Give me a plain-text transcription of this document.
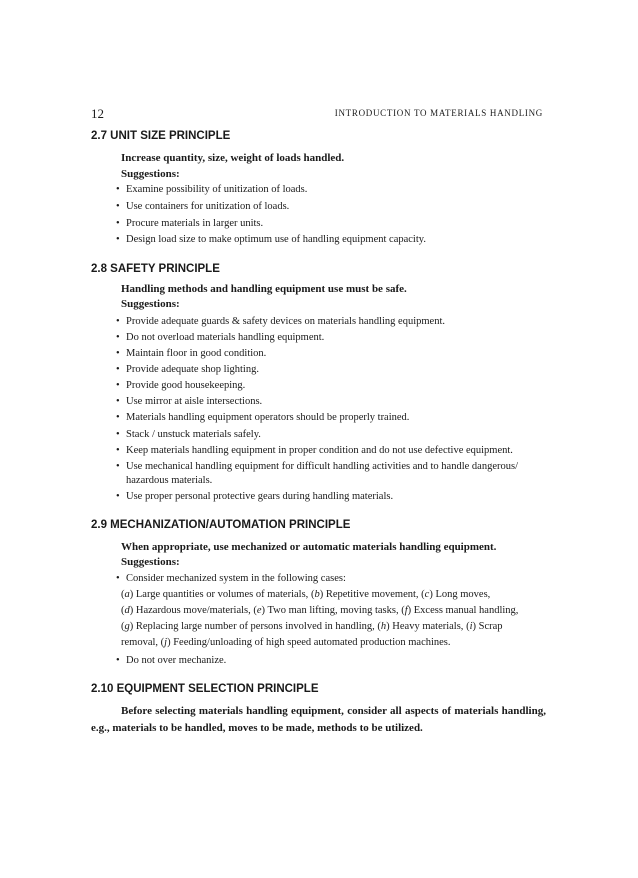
12	INTRODUCTION TO MATERIALS HANDLING
2.7 UNIT SIZE PRINCIPLE
Increase quantity, size, weight of loads handled.
Suggestions:
• Examine possibility of unitization of loads.
• Use containers for unitization of loads.
• Procure materials in larger units.
• Design load size to make optimum use of handling equipment capacity.
2.8 SAFETY PRINCIPLE
Handling methods and handling equipment use must be safe.
Suggestions:
• Provide adequate guards & safety devices on materials handling equipment.
• Do not overload materials handling equipment.
• Maintain floor in good condition.
• Provide adequate shop lighting.
• Provide good housekeeping.
• Use mirror at aisle intersections.
• Materials handling equipment operators should be properly trained.
• Stack / unstuck materials safely.
• Keep materials handling equipment in proper condition and do not use defective equipment.
• Use mechanical handling equipment for difficult handling activities and to handle dangerous/
hazardous materials.
• Use proper personal protective gears during handling materials.
2.9 MECHANIZATION/AUTOMATION PRINCIPLE
When appropriate, use mechanized or automatic materials handling equipment.
Suggestions:
• Consider mechanized system in the following cases:
(a) Large quantities or volumes of materials, (b) Repetitive movement, (c) Long moves,
(d) Hazardous move/materials, (e) Two man lifting, moving tasks, (f) Excess manual handling,
(g) Replacing large number of persons involved in handling, (h) Heavy materials, (i) Scrap
removal, (j) Feeding/unloading of high speed automated production machines.
• Do not over mechanize.
2.10 EQUIPMENT SELECTION PRINCIPLE
Before selecting materials handling equipment, consider all aspects of materials handling, e.g., materials to be handled, moves to be made, methods to be utilized.
